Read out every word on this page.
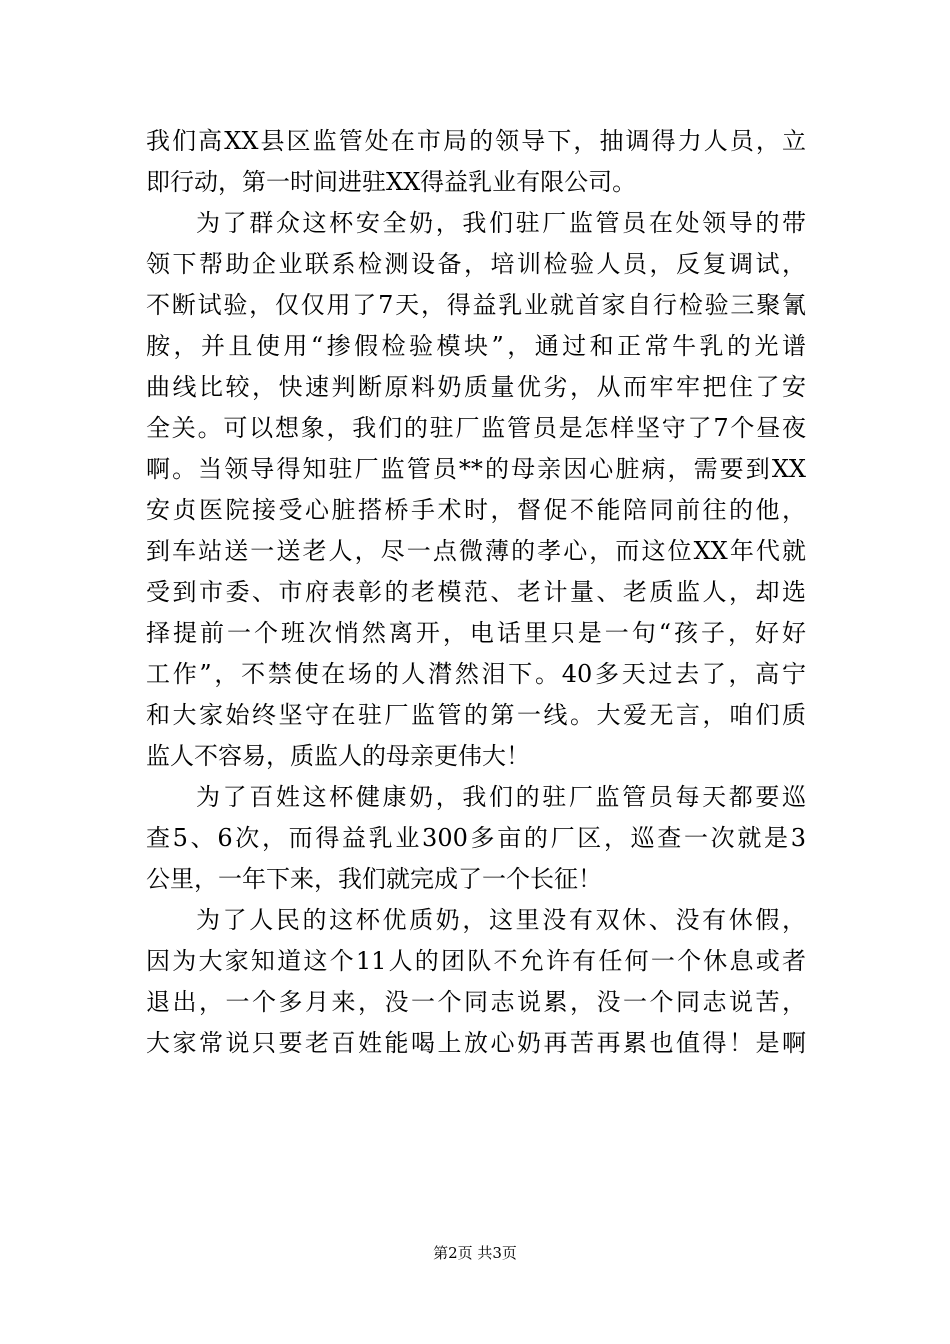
我们高XX县区监管处在市局的领导下，抽调得力人员，立
即行动，第一时间进驻XX得益乳业有限公司。
为了群众这杯安全奶，我们驻厂监管员在处领导的带
领下帮助企业联系检测设备，培训检验人员，反复调试，
不断试验，仅仅用了7天，得益乳业就首家自行检验三聚氰
胺，并且使用“掺假检验模块”，通过和正常牛乳的光谱
曲线比较，快速判断原料奶质量优劣，从而牢牢把住了安
全关。可以想象，我们的驻厂监管员是怎样坚守了7个昼夜
啊。当领导得知驻厂监管员**的母亲因心脏病，需要到XX
安贞医院接受心脏搭桥手术时，督促不能陪同前往的他，
到车站送一送老人，尽一点微薄的孝心，而这位XX年代就
受到市委、市府表彰的老模范、老计量、老质监人，却选
择提前一个班次悄然离开，电话里只是一句“孩子，好好
工作”，不禁使在场的人潸然泪下。40多天过去了，高宁
和大家始终坚守在驻厂监管的第一线。大爱无言，咱们质
监人不容易，质监人的母亲更伟大！
为了百姓这杯健康奶，我们的驻厂监管员每天都要巡
查5、6次，而得益乳业300多亩的厂区，巡查一次就是3
公里，一年下来，我们就完成了一个长征！
为了人民的这杯优质奶，这里没有双休、没有休假，
因为大家知道这个11人的团队不允许有任何一个休息或者
退出，一个多月来，没一个同志说累，没一个同志说苦，
大家常说只要老百姓能喝上放心奶再苦再累也值得！是啊
第2页 共3页
